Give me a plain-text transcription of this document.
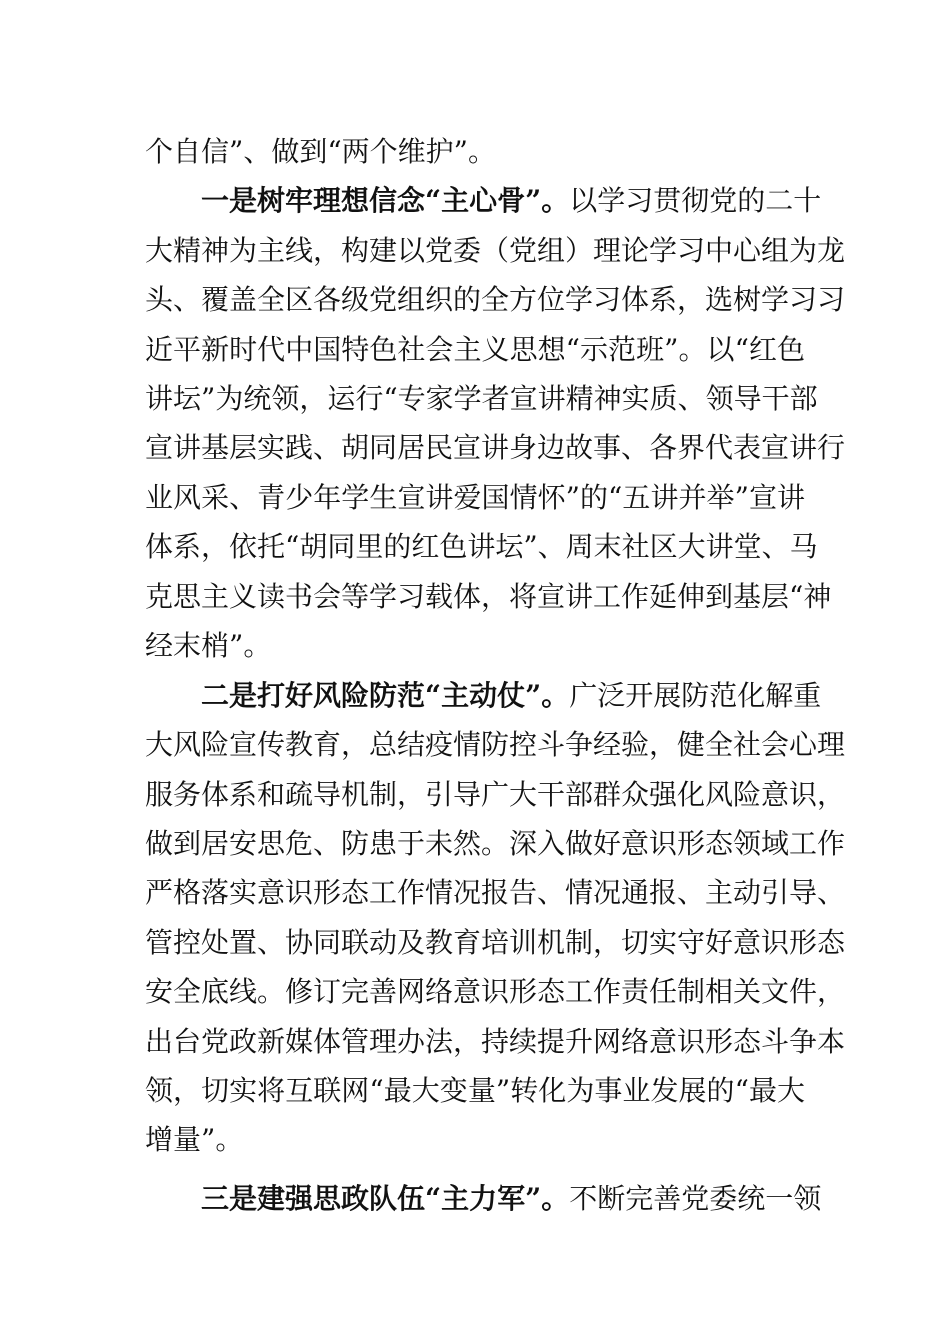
个自信”、做到“两个维护”。
一是树牢理想信念“主心骨”。以学习贯彻党的二十
大精神为主线，构建以党委（党组）理论学习中心组为龙
头、覆盖全区各级党组织的全方位学习体系，选树学习习
近平新时代中国特色社会主义思想“示范班”。以“红色
讲坛”为统领，运行“专家学者宣讲精神实质、领导干部
宣讲基层实践、胡同居民宣讲身边故事、各界代表宣讲行
业风采、青少年学生宣讲爱国情怀”的“五讲并举”宣讲
体系，依托“胡同里的红色讲坛”、周末社区大讲堂、马
克思主义读书会等学习载体，将宣讲工作延伸到基层“神
经末梢”。
二是打好风险防范“主动仗”。广泛开展防范化解重
大风险宣传教育，总结疫情防控斗争经验，健全社会心理
服务体系和疏导机制，引导广大干部群众强化风险意识，
做到居安思危、防患于未然。深入做好意识形态领域工作
严格落实意识形态工作情况报告、情况通报、主动引导、
管控处置、协同联动及教育培训机制，切实守好意识形态
安全底线。修订完善网络意识形态工作责任制相关文件，
出台党政新媒体管理办法，持续提升网络意识形态斗争本
领，切实将互联网“最大变量”转化为事业发展的“最大
增量”。
三是建强思政队伍“主力军”。不断完善党委统一领
